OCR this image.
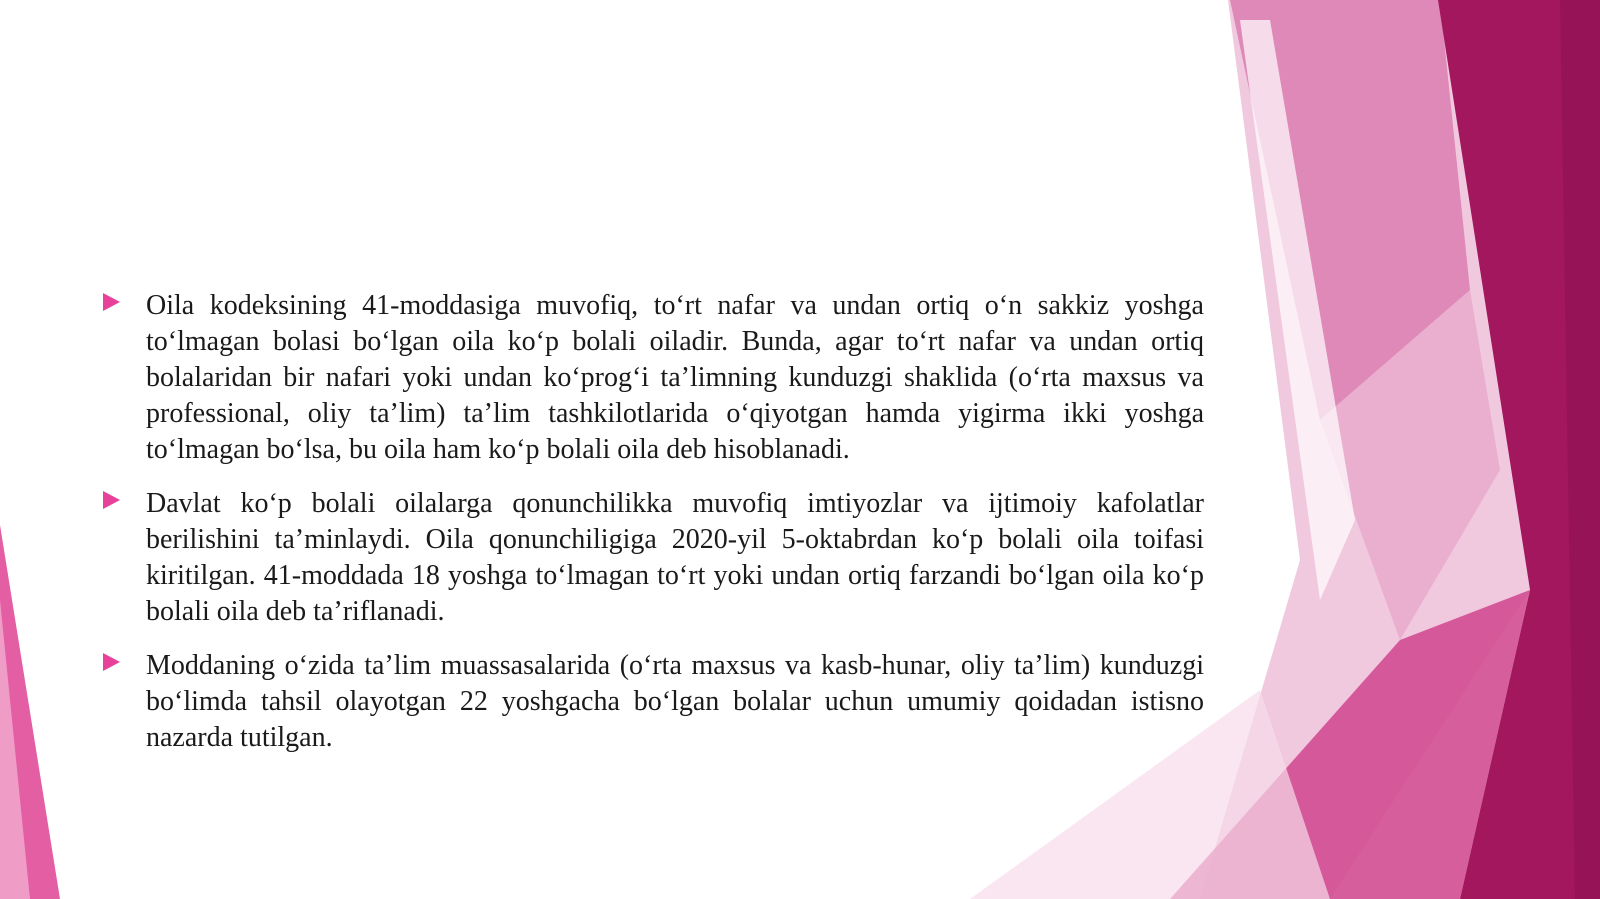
Oila kodeksining 41-moddasiga muvofiq, to‘rt nafar va undan ortiq o‘n sakkiz yoshga to‘lmagan bolasi bo‘lgan oila ko‘p bolali oiladir. Bunda, agar to‘rt nafar va undan ortiq bolalaridan bir nafari yoki undan ko‘prog‘i ta’limning kunduzgi shaklida (o‘rta maxsus va professional, oliy ta’lim) ta’lim tashkilotlarida o‘qiyotgan hamda yigirma ikki yoshga to‘lmagan bo‘lsa, bu oila ham ko‘p bolali oila deb hisoblanadi.

Davlat ko‘p bolali oilalarga qonunchilikka muvofiq imtiyozlar va ijtimoiy kafolatlar berilishini ta’minlaydi. Oila qonunchiligiga 2020-yil 5-oktabrdan ko‘p bolali oila toifasi kiritilgan. 41-moddada 18 yoshga to‘lmagan to‘rt yoki undan ortiq farzandi bo‘lgan oila ko‘p bolali oila deb ta’riflanadi.

Moddaning o‘zida ta’lim muassasalarida (o‘rta maxsus va kasb-hunar, oliy ta’lim) kunduzgi bo‘limda tahsil olayotgan 22 yoshgacha bo‘lgan bolalar uchun umumiy qoidadan istisno nazarda tutilgan.
